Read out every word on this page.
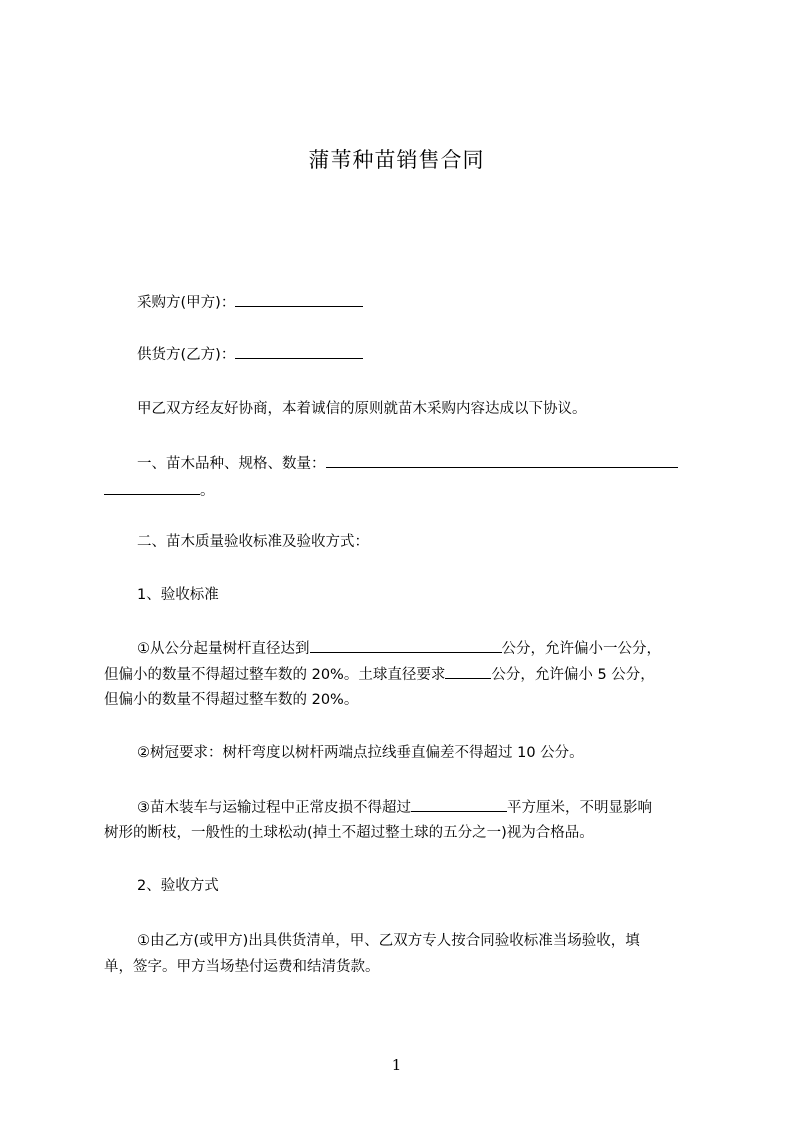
蒲苇种苗销售合同
采购方(甲方)：
供货方(乙方)：
甲乙双方经友好协商，本着诚信的原则就苗木采购内容达成以下协议。
一、苗木品种、规格、数量：
。
二、苗木质量验收标准及验收方式：
1、验收标准
①从公分起量树杆直径达到	公分，允许偏小一公分，
但偏小的数量不得超过整车数的 20%。土球直径要求	公分，允许偏小 5 公分，
但偏小的数量不得超过整车数的 20%。
②树冠要求：树杆弯度以树杆两端点拉线垂直偏差不得超过 10 公分。
③苗木装车与运输过程中正常皮损不得超过	平方厘米，不明显影响
树形的断枝，一般性的土球松动(掉土不超过整土球的五分之一)视为合格品。
2、验收方式
①由乙方(或甲方)出具供货清单，甲、乙双方专人按合同验收标准当场验收，填
单，签字。甲方当场垫付运费和结清货款。
1
